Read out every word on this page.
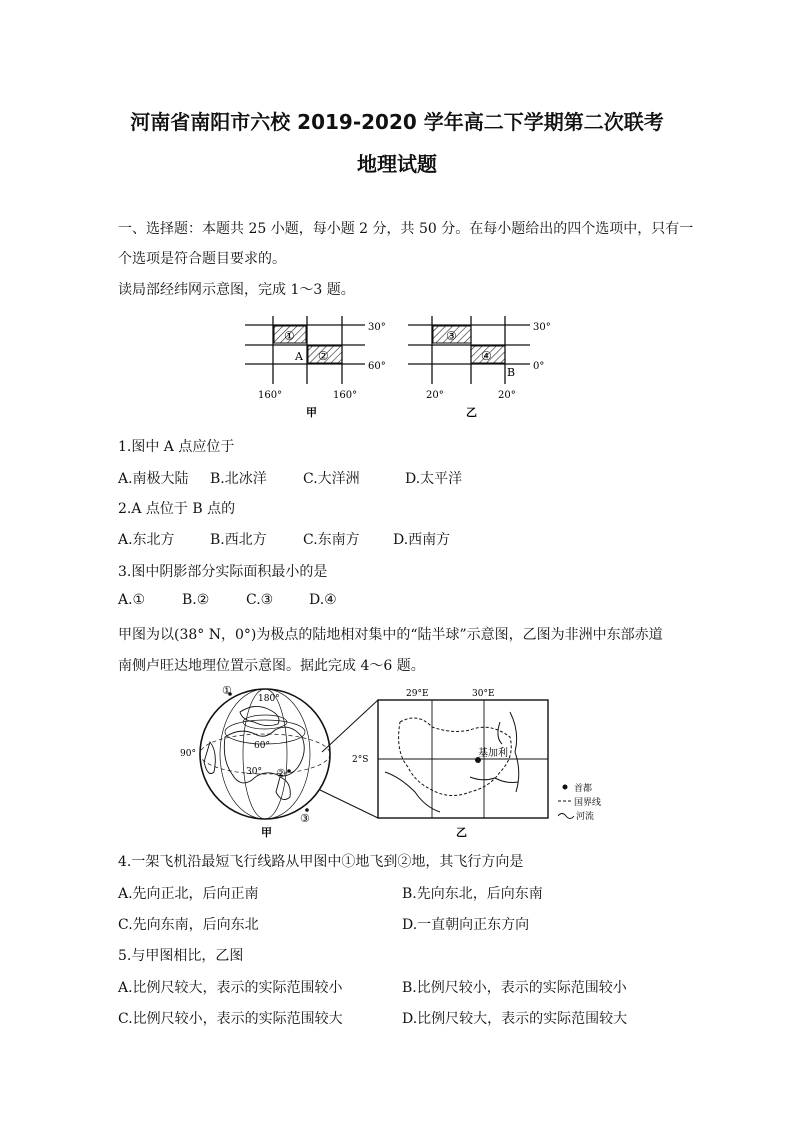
河南省南阳市六校 2019-2020 学年高二下学期第二次联考
地理试题
一、选择题：本题共 25 小题，每小题 2 分，共 50 分。在每小题给出的四个选项中，只有一
个选项是符合题目要求的。
读局部经纬网示意图，完成 1～3 题。
①
②
A
30°
60°
160°	160°
甲
③
④
B
30°
0°
20°	20°
乙
1.图中 A 点应位于
A.南极大陆 B.北冰洋	C.大洋洲	D.太平洋
2.A 点位于 B 点的
A.东北方	B.西北方	C.东南方 D.西南方
3.图中阴影部分实际面积最小的是
A.①	B.②	C.③	D.④
甲图为以(38° N，0°)为极点的陆地相对集中的“陆半球”示意图，乙图为非洲中东部赤道
南侧卢旺达地理位置示意图。据此完成 4～6 题。
①
②
③
180°
90°
60°
30°
甲
基加利
29°E	30°E
2°S
乙
首都
国界线
河流
4.一架飞机沿最短飞行线路从甲图中①地飞到②地，其飞行方向是
A.先向正北，后向正南	B.先向东北，后向东南
C.先向东南，后向东北	D.一直朝向正东方向
5.与甲图相比，乙图
A.比例尺较大，表示的实际范围较小	B.比例尺较小，表示的实际范围较小
C.比例尺较小，表示的实际范围较大	D.比例尺较大，表示的实际范围较大
